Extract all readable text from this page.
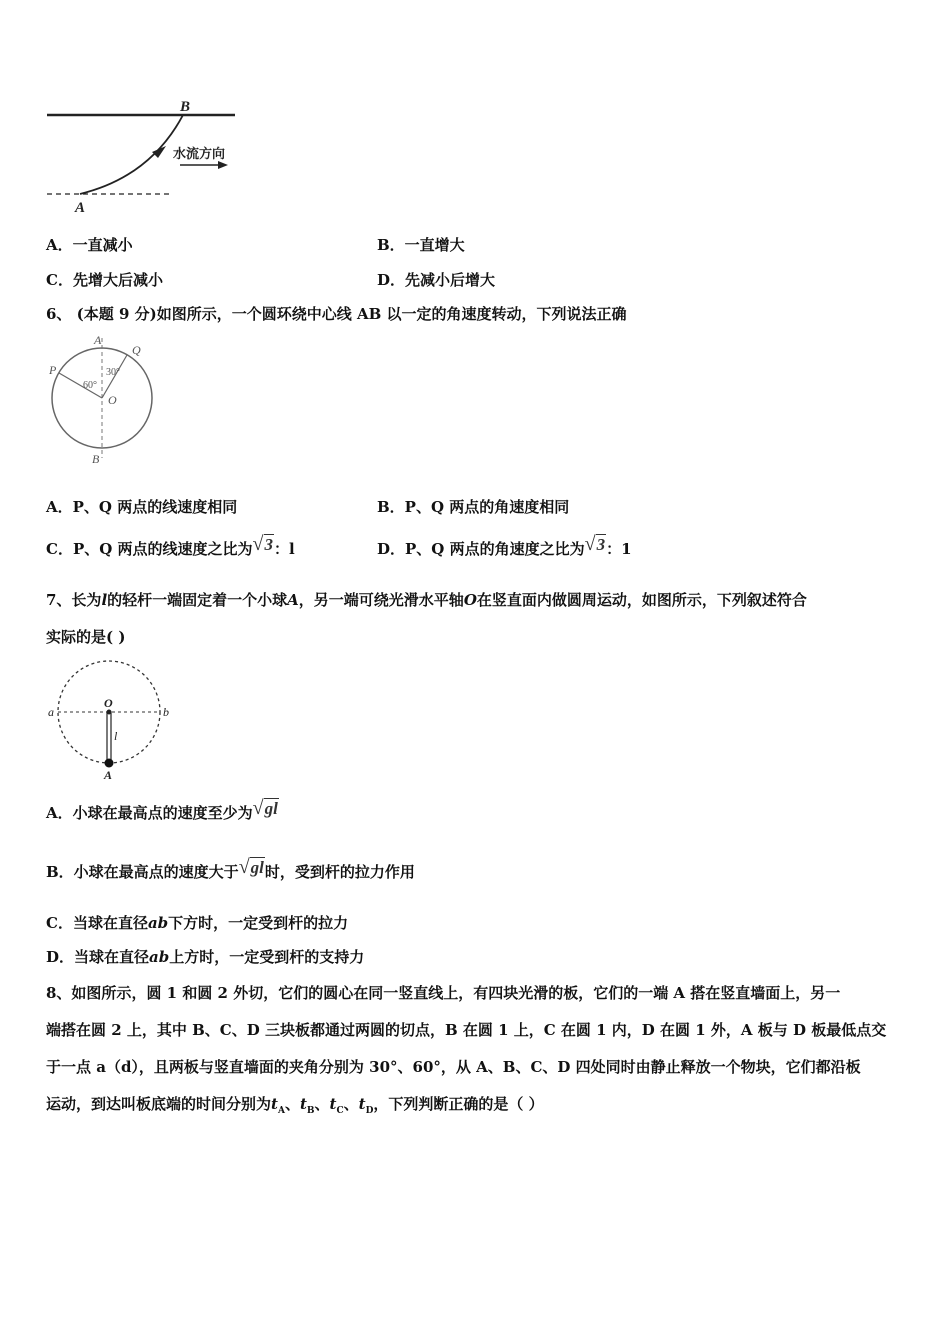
B
A
水流方向
A．一直减小	B．一直增大
C．先增大后减小	D．先减小后增大
6、 (本题 9 分)如图所示，一个圆环绕中心线 AB 以一定的角速度转动，下列说法正确
A
B
P
Q
O
60°
30°
A．P、Q 两点的线速度相同	B．P、Q 两点的角速度相同
C．P、Q 两点的线速度之比为√3：l	D．P、Q 两点的角速度之比为√3：1
7、长为l的轻杆一端固定着一个小球A，另一端可绕光滑水平轴O在竖直面内做圆周运动，如图所示，下列叙述符合
实际的是( )
O
a	b
l
A
A．小球在最高点的速度至少为√gl
B．小球在最高点的速度大于√gl时，受到杆的拉力作用
C．当球在直径ab下方时，一定受到杆的拉力
D．当球在直径ab上方时，一定受到杆的支持力
8、如图所示，圆 1 和圆 2 外切，它们的圆心在同一竖直线上，有四块光滑的板，它们的一端 A 搭在竖直墙面上，另一
端搭在圆 2 上，其中 B、C、D 三块板都通过两圆的切点，B 在圆 1 上，C 在圆 1 内，D 在圆 1 外，A 板与 D 板最低点交
于一点 a（d），且两板与竖直墙面的夹角分别为 30°、60°，从 A、B、C、D 四处同时由静止释放一个物块，它们都沿板
运动，到达叫板底端的时间分别为$t_A$、$t_B$、$t_C$、$t_D$，下列判断正确的是（ ）
